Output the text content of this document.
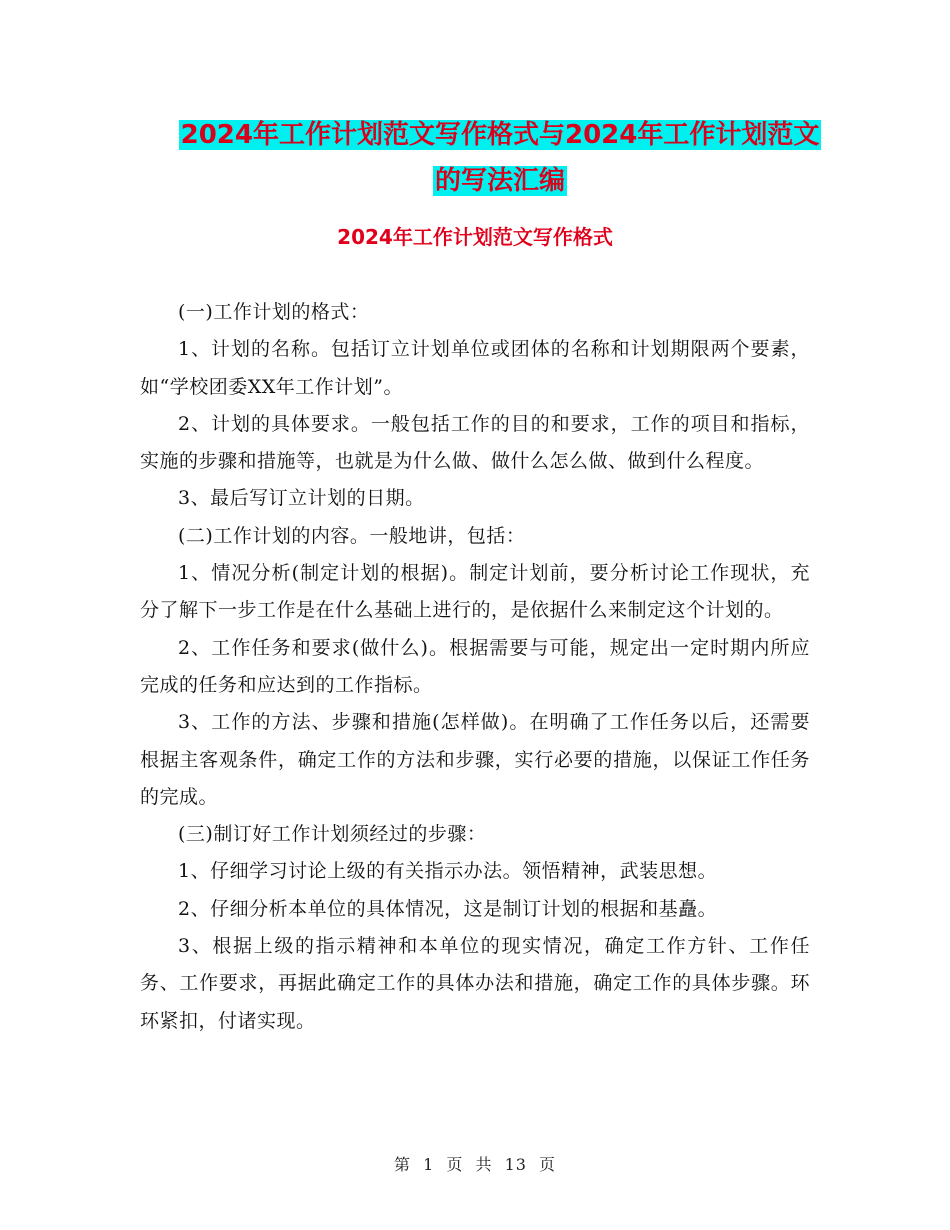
2024年工作计划范文写作格式与2024年工作计划范文
的写法汇编
2024年工作计划范文写作格式

(一)工作计划的格式：

1、计划的名称。包括订立计划单位或团体的名称和计划期限两个要素，如“学校团委XX年工作计划”。

2、计划的具体要求。一般包括工作的目的和要求，工作的项目和指标，实施的步骤和措施等，也就是为什么做、做什么怎么做、做到什么程度。

3、最后写订立计划的日期。

(二)工作计划的内容。一般地讲，包括：

1、情况分析(制定计划的根据)。制定计划前，要分析讨论工作现状，充分了解下一步工作是在什么基础上进行的，是依据什么来制定这个计划的。

2、工作任务和要求(做什么)。根据需要与可能，规定出一定时期内所应完成的任务和应达到的工作指标。

3、工作的方法、步骤和措施(怎样做)。在明确了工作任务以后，还需要根据主客观条件，确定工作的方法和步骤，实行必要的措施，以保证工作任务的完成。

(三)制订好工作计划须经过的步骤：

1、仔细学习讨论上级的有关指示办法。领悟精神，武装思想。

2、仔细分析本单位的具体情况，这是制订计划的根据和基矗。

3、根据上级的指示精神和本单位的现实情况，确定工作方针、工作任务、工作要求，再据此确定工作的具体办法和措施，确定工作的具体步骤。环环紧扣，付诸实现。

第 1 页 共 13 页
